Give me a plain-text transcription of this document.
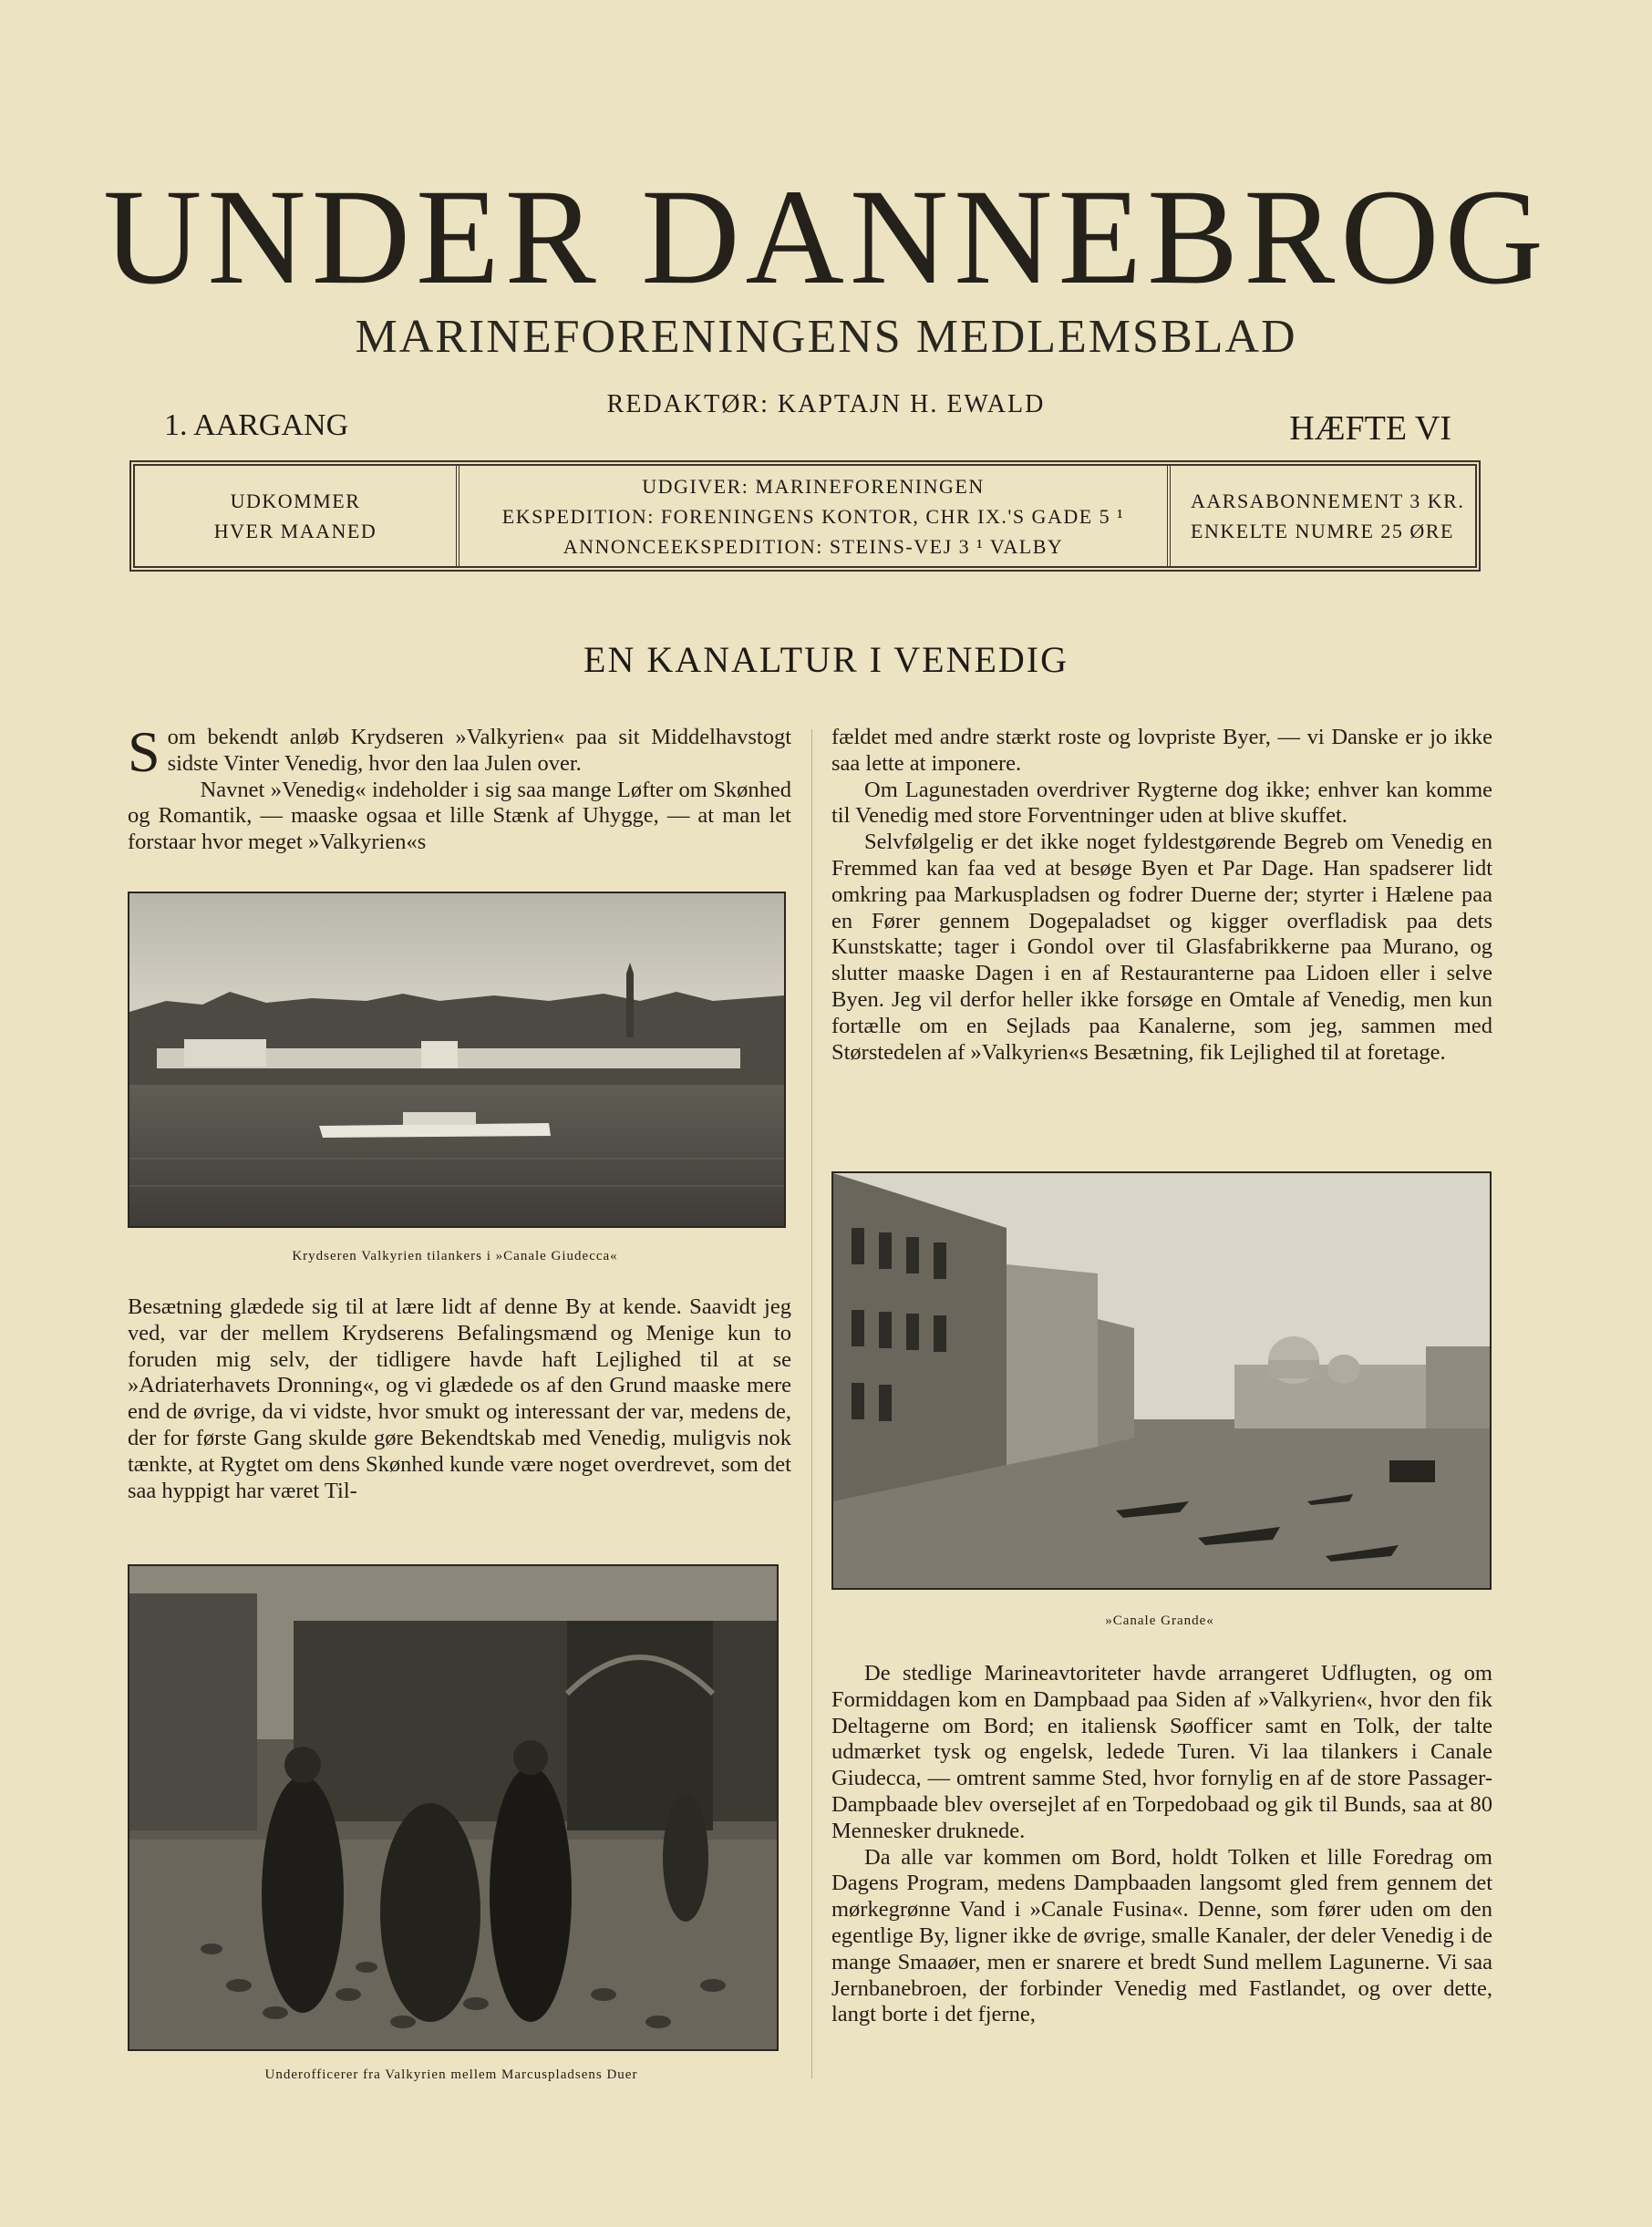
UNDER DANNEBROG
MARINEFORENINGENS MEDLEMSBLAD
REDAKTØR: KAPTAJN H. EWALD
1. AARGANG	HÆFTE VI
UDKOMMER
HVER MAANED
UDGIVER: MARINEFORENINGEN
EKSPEDITION: FORENINGENS KONTOR, CHR IX.'S GADE 5 ¹
ANNONCEEKSPEDITION: STEINS-VEJ 3 ¹ VALBY
AARSABONNEMENT 3 KR.
ENKELTE NUMRE 25 ØRE
EN KANALTUR I VENEDIG

Som bekendt anløb Krydseren »Valkyrien« paa sit Middelhavstogt sidste Vinter Venedig, hvor den laa Julen over.

Navnet »Venedig« indeholder i sig saa mange Løfter om Skønhed og Romantik, — maaske ogsaa et lille Stænk af Uhygge, — at man let forstaar hvor meget »Valkyrien«s

Krydseren Valkyrien tilankers i »Canale Giudecca«

Besætning glædede sig til at lære lidt af denne By at kende. Saavidt jeg ved, var der mellem Krydserens Befalingsmænd og Menige kun to foruden mig selv, der tidligere havde haft Lejlighed til at se »Adriaterhavets Dronning«, og vi glædede os af den Grund maaske mere end de øvrige, da vi vidste, hvor smukt og interessant der var, medens de, der for første Gang skulde gøre Bekendtskab med Venedig, muligvis nok tænkte, at Rygtet om dens Skønhed kunde være noget overdrevet, som det saa hyppigt har været Til-

Underofficerer fra Valkyrien mellem Marcuspladsens Duer

fældet med andre stærkt roste og lovpriste Byer, — vi Danske er jo ikke saa lette at imponere.

Om Lagunestaden overdriver Rygterne dog ikke; enhver kan komme til Venedig med store Forventninger uden at blive skuffet.

Selvfølgelig er det ikke noget fyldestgørende Begreb om Venedig en Fremmed kan faa ved at besøge Byen et Par Dage. Han spadserer lidt omkring paa Markuspladsen og fodrer Duerne der; styrter i Hælene paa en Fører gennem Dogepaladset og kigger overfladisk paa dets Kunstskatte; tager i Gondol over til Glasfabrikkerne paa Murano, og slutter maaske Dagen i en af Restauranterne paa Lidoen eller i selve Byen. Jeg vil derfor heller ikke forsøge en Omtale af Venedig, men kun fortælle om en Sejlads paa Kanalerne, som jeg, sammen med Størstedelen af »Valkyrien«s Besætning, fik Lejlighed til at foretage.

»Canale Grande«

De stedlige Marineavtoriteter havde arrangeret Udflugten, og om Formiddagen kom en Dampbaad paa Siden af »Valkyrien«, hvor den fik Deltagerne om Bord; en italiensk Søofficer samt en Tolk, der talte udmærket tysk og engelsk, ledede Turen. Vi laa tilankers i Canale Giudecca, — omtrent samme Sted, hvor fornylig en af de store Passager-Dampbaade blev oversejlet af en Torpedobaad og gik til Bunds, saa at 80 Mennesker druknede.

Da alle var kommen om Bord, holdt Tolken et lille Foredrag om Dagens Program, medens Dampbaaden langsomt gled frem gennem det mørkegrønne Vand i »Canale Fusina«. Denne, som fører uden om den egentlige By, ligner ikke de øvrige, smalle Kanaler, der deler Venedig i de mange Smaaøer, men er snarere et bredt Sund mellem Lagunerne. Vi saa Jernbanebroen, der forbinder Venedig med Fastlandet, og over dette, langt borte i det fjerne,
